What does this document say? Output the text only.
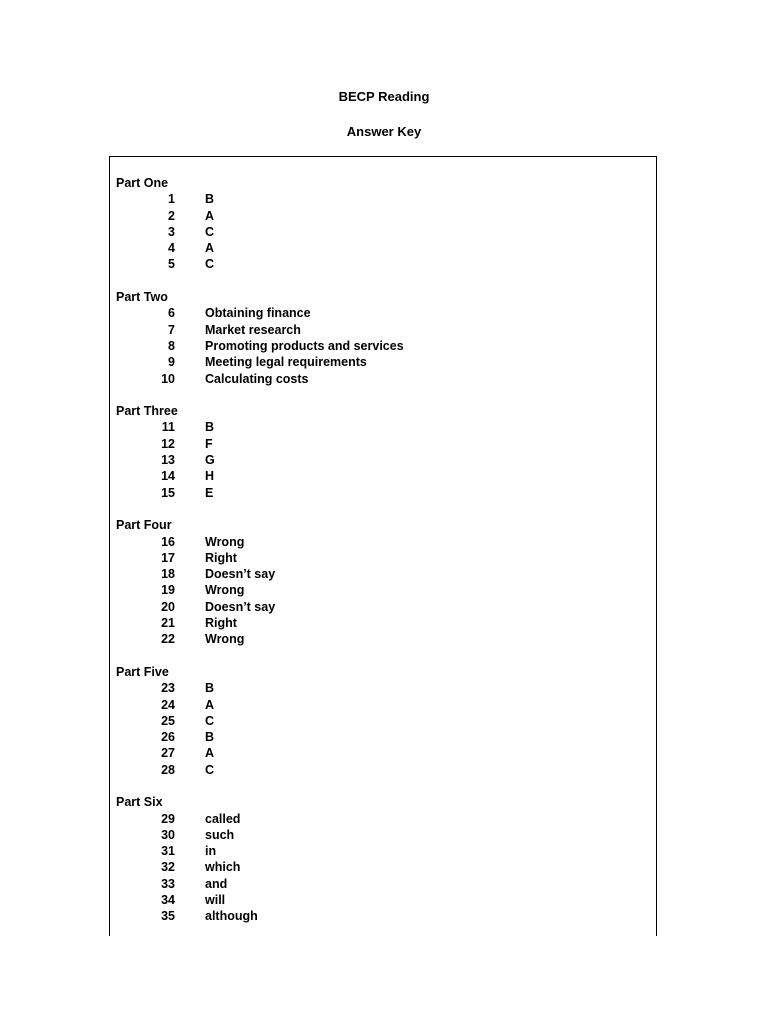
BECP Reading
Answer Key
Part One
1 B
2 A
3 C
4 A
5 C
Part Two
6 Obtaining finance
7 Market research
8 Promoting products and services
9 Meeting legal requirements
10 Calculating costs
Part Three
11 B
12 F
13 G
14 H
15 E
Part Four
16 Wrong
17 Right
18 Doesn’t say
19 Wrong
20 Doesn’t say
21 Right
22 Wrong
Part Five
23 B
24 A
25 C
26 B
27 A
28 C
Part Six
29 called
30 such
31 in
32 which
33 and
34 will
35 although
